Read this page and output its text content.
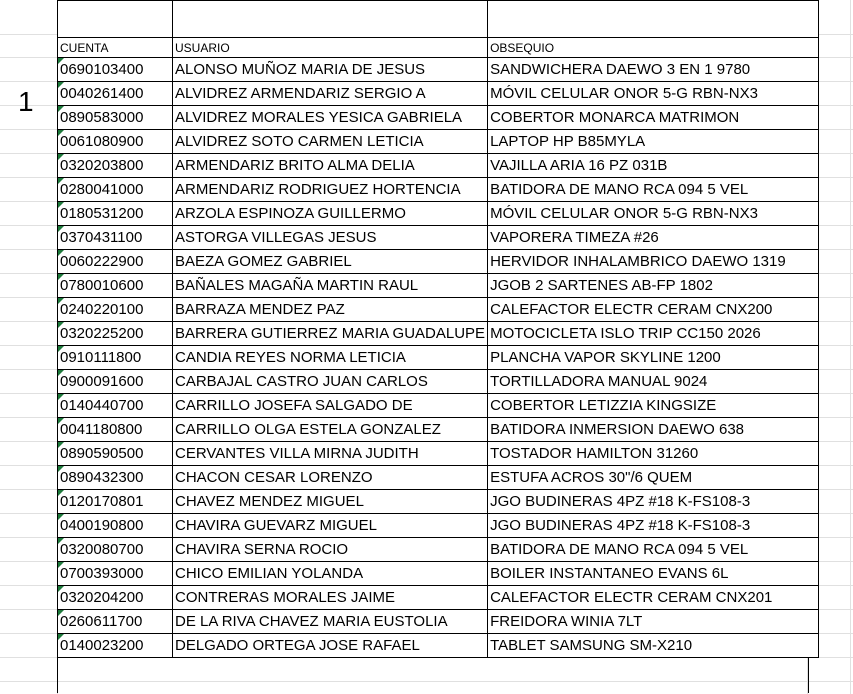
1

CUENTA	USUARIO	OBSEQUIO
0690103400	ALONSO MUÑOZ MARIA DE JESUS	SANDWICHERA DAEWO 3 EN 1 9780
0040261400	ALVIDREZ ARMENDARIZ SERGIO A	MÓVIL CELULAR ONOR 5-G RBN-NX3
0890583000	ALVIDREZ MORALES YESICA GABRIELA	COBERTOR MONARCA MATRIMON
0061080900	ALVIDREZ SOTO CARMEN LETICIA	LAPTOP HP B85MYLA
0320203800	ARMENDARIZ BRITO ALMA DELIA	VAJILLA ARIA 16 PZ 031B
0280041000	ARMENDARIZ RODRIGUEZ HORTENCIA	BATIDORA DE MANO RCA 094 5 VEL
0180531200	ARZOLA ESPINOZA GUILLERMO	MÓVIL CELULAR ONOR 5-G RBN-NX3
0370431100	ASTORGA VILLEGAS JESUS	VAPORERA TIMEZA #26
0060222900	BAEZA GOMEZ GABRIEL	HERVIDOR INHALAMBRICO DAEWO 1319
0780010600	BAÑALES MAGAÑA MARTIN RAUL	JGOB 2 SARTENES AB-FP 1802
0240220100	BARRAZA MENDEZ PAZ	CALEFACTOR ELECTR CERAM CNX200
0320225200	BARRERA GUTIERREZ MARIA GUADALUPE	MOTOCICLETA ISLO TRIP CC150 2026
0910111800	CANDIA REYES NORMA LETICIA	PLANCHA VAPOR SKYLINE 1200
0900091600	CARBAJAL CASTRO JUAN CARLOS	TORTILLADORA MANUAL 9024
0140440700	CARRILLO JOSEFA SALGADO DE	COBERTOR LETIZZIA KINGSIZE
0041180800	CARRILLO OLGA ESTELA GONZALEZ	BATIDORA INMERSION DAEWO 638
0890590500	CERVANTES VILLA MIRNA JUDITH	TOSTADOR HAMILTON 31260
0890432300	CHACON CESAR LORENZO	ESTUFA ACROS 30"/6 QUEM
0120170801	CHAVEZ MENDEZ MIGUEL	JGO BUDINERAS 4PZ #18 K-FS108-3
0400190800	CHAVIRA GUEVARZ MIGUEL	JGO BUDINERAS 4PZ #18 K-FS108-3
0320080700	CHAVIRA SERNA ROCIO	BATIDORA DE MANO RCA 094 5 VEL
0700393000	CHICO EMILIAN YOLANDA	BOILER INSTANTANEO EVANS 6L
0320204200	CONTRERAS MORALES JAIME	CALEFACTOR ELECTR CERAM CNX201
0260611700	DE LA RIVA CHAVEZ MARIA EUSTOLIA	FREIDORA WINIA 7LT
0140023200	DELGADO ORTEGA JOSE RAFAEL	TABLET SAMSUNG SM-X210
